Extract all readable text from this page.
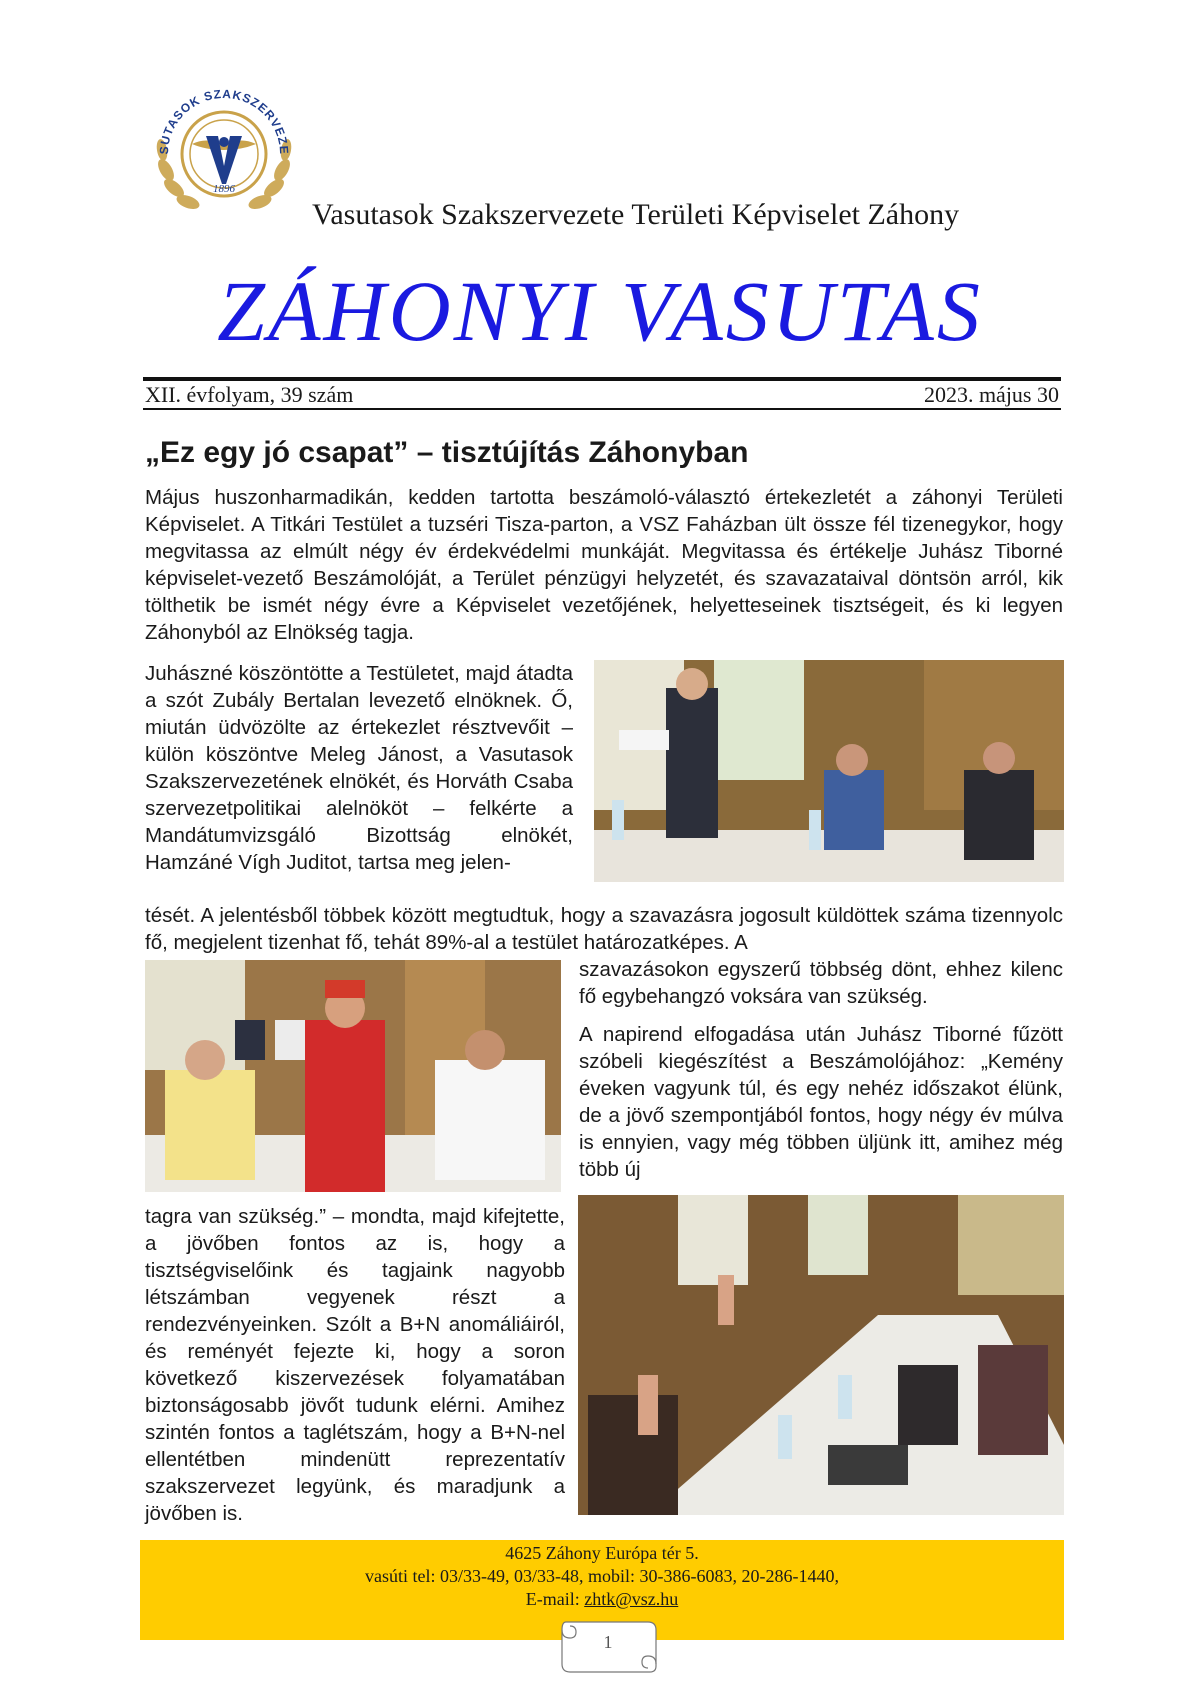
SUTASOK SZAKSZERVEZE
1896
Vasutasok Szakszervezete Területi Képviselet Záhony
ZÁHONYI VASUTAS
XII. évfolyam, 39 szám	2023. május 30
„Ez egy jó csapat” – tisztújítás Záhonyban

Május huszonharmadikán, kedden tartotta beszámoló-választó értekezletét a záhonyi Területi Képviselet. A Titkári Testület a tuzséri Tisza-parton, a VSZ Faházban ült össze fél tizenegykor, hogy megvitassa az elmúlt négy év érdekvédelmi munkáját. Megvitassa és értékelje Juhász Tiborné képviselet-vezető Beszámolóját, a Terület pénzügyi helyzetét, és szavazataival döntsön arról, kik tölthetik be ismét négy évre a Képviselet vezetőjének, helyetteseinek tisztségeit, és ki legyen Záhonyból az Elnökség tagja.

Juhászné köszöntötte a Testületet, majd átadta a szót Zubály Bertalan levezető elnöknek. Ő, miután üdvözölte az értekezlet résztvevőit – külön köszöntve Meleg Jánost, a Vasutasok Szakszervezetének elnökét, és Horváth Csaba szervezetpolitikai alelnököt – felkérte a Mandátumvizsgáló Bizottság elnökét, Hamzáné Vígh Juditot, tartsa meg jelen-

tését. A jelentésből többek között megtudtuk, hogy a szavazásra jogosult küldöttek száma tizennyolc fő, megjelent tizenhat fő, tehát 89%-al a testület határozatképes. A

szavazásokon egyszerű többség dönt, ehhez kilenc fő egybehangzó voksára van szükség.

A napirend elfogadása után Juhász Tiborné fűzött szóbeli kiegészítést a Beszámolójához: „Kemény éveken vagyunk túl, és egy nehéz időszakot élünk, de a jövő szempontjából fontos, hogy négy év múlva is ennyien, vagy még többen üljünk itt, amihez még több új

tagra van szükség.” – mondta, majd kifejtette, a jövőben fontos az is, hogy a tisztségviselőink és tagjaink nagyobb létszámban vegyenek részt a rendezvényeinken. Szólt a B+N anomáliáiról, és reményét fejezte ki, hogy a soron következő kiszervezések folyamatában biztonságosabb jövőt tudunk elérni. Amihez szintén fontos a taglétszám, hogy a B+N-nel ellentétben mindenütt reprezentatív szakszervezet legyünk, és maradjunk a jövőben is.

4625 Záhony Európa tér 5.
vasúti tel: 03/33-49, 03/33-48, mobil: 30-386-6083, 20-286-1440,
E-mail: zhtk@vsz.hu
1
